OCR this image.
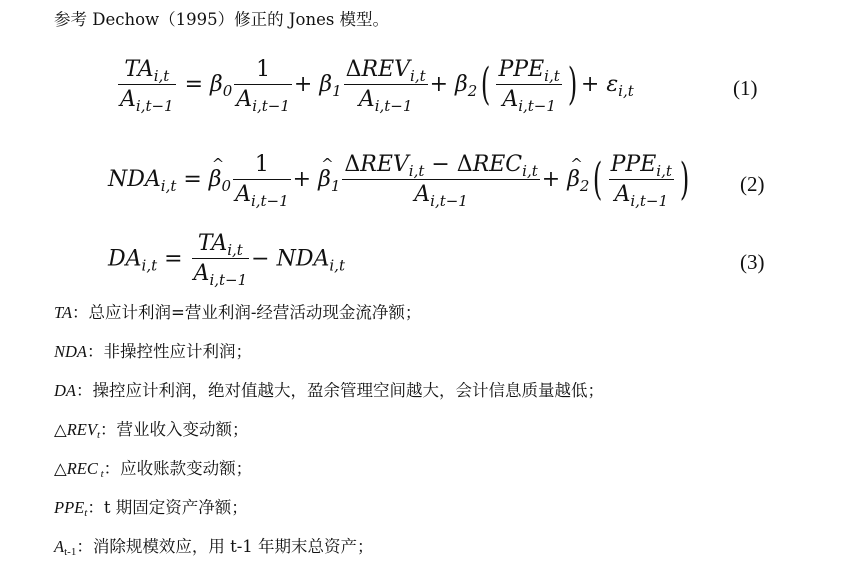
参考 Dechow（1995）修正的 Jones 模型。
$\frac{TA_{i,t}}{A_{i,t-1}} = \beta_0 \frac{1}{A_{i,t-1}} + \beta_1 \frac{\Delta REV_{i,t}}{A_{i,t-1}} + \beta_2( \frac{PPE_{i,t}}{A_{i,t-1}}$ ) + $\varepsilon_{i,t}$	(1)
$NDA_{i,t}$ = ^ $\beta_0 \frac{1}{A_{i,t-1}}$ + ^ $\beta_1 \frac{\Delta REV_{i,t} - \Delta REC_{i,t}}{A_{i,t-1}}$ + ^ $\beta_2( \frac{PPE_{i,t}}{A_{i,t-1}}$ ) (2)
$DA_{i,t} = \frac{TA_{i,t}}{A_{i,t-1}} - NDA_{i,t}$	(3)
TA：总应计利润=营业利润-经营活动现金流净额；
NDA：非操控性应计利润；
DA：操控应计利润，绝对值越大，盈余管理空间越大，会计信息质量越低；
△REVt：营业收入变动额；
△REC t：应收账款变动额；
PPEt：t 期固定资产净额；
At-1：消除规模效应，用 t-1 年期末总资产；
